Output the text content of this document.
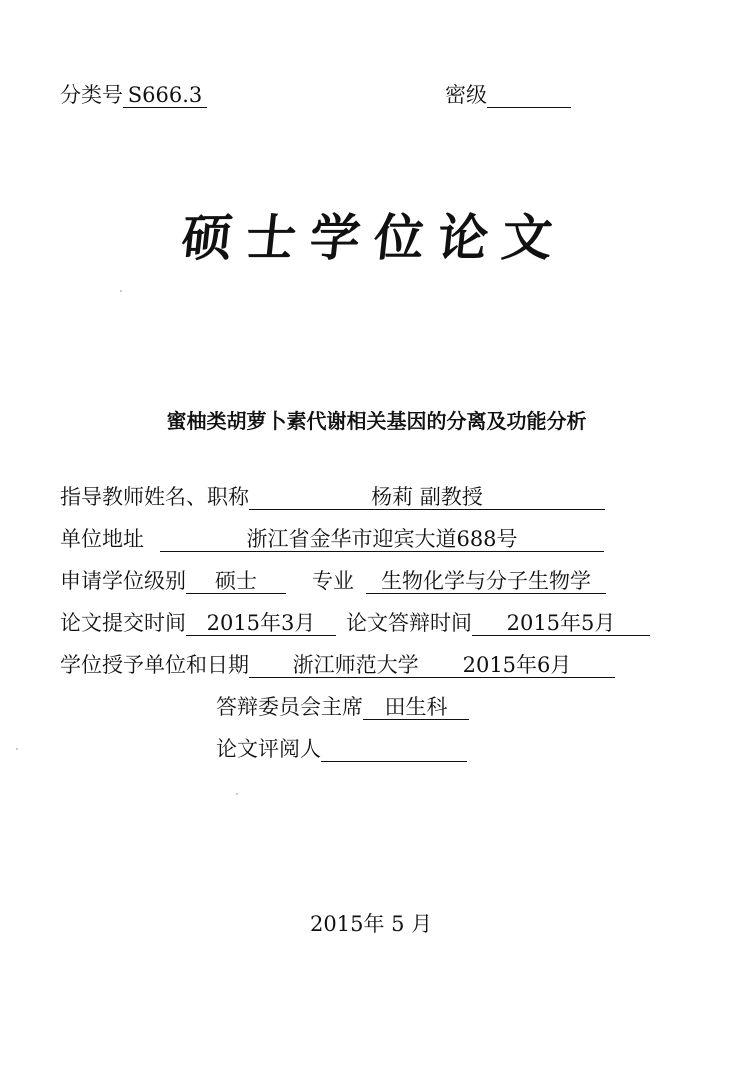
分类号 S666.3	密级
硕士学位论文
蜜柚类胡萝卜素代谢相关基因的分离及功能分析
指导教师姓名、职称	杨莉 副教授
单位地址	浙江省金华市迎宾大道688号
申请学位级别 硕士	专业 生物化学与分子生物学
论文提交时间 2015年3月	论文答辩时间 2015年5月
学位授予单位和日期 浙江师范大学 2015年6月
答辩委员会主席 田生科
论文评阅人
2015年 5 月
